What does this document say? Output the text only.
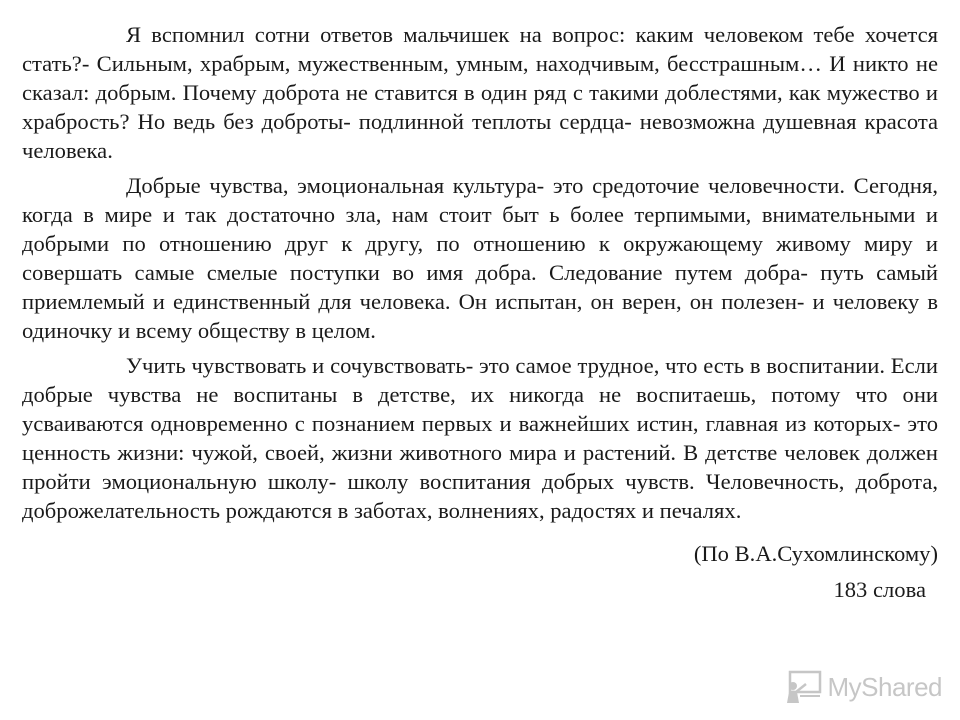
Я вспомнил сотни ответов мальчишек на вопрос: каким человеком тебе хочется стать?- Сильным, храбрым, мужественным, умным, находчивым, бесстрашным… И никто не сказал: добрым. Почему доброта не ставится в один ряд с такими доблестями, как мужество и храбрость? Но ведь без доброты- подлинной теплоты сердца- невозможна душевная красота человека.

Добрые чувства, эмоциональная культура- это средоточие человечности. Сегодня, когда в мире и так достаточно зла, нам стоит быт ь более терпимыми, внимательными и добрыми по отношению друг к другу, по отношению к окружающему живому миру и совершать самые смелые поступки во имя добра. Следование путем добра- путь самый приемлемый и единственный для человека. Он испытан, он верен, он полезен- и человеку в одиночку и всему обществу в целом.

Учить чувствовать и сочувствовать- это самое трудное, что есть в воспитании. Если добрые чувства не воспитаны в детстве, их никогда не воспитаешь, потому что они усваиваются одновременно с познанием первых и важнейших истин, главная из которых- это ценность жизни: чужой, своей, жизни животного мира и растений. В детстве человек должен пройти эмоциональную школу- школу воспитания добрых чувств. Человечность, доброта, доброжелательность рождаются в заботах, волнениях, радостях и печалях.

(По В.А.Сухомлинскому)

183 слова

MyShared
